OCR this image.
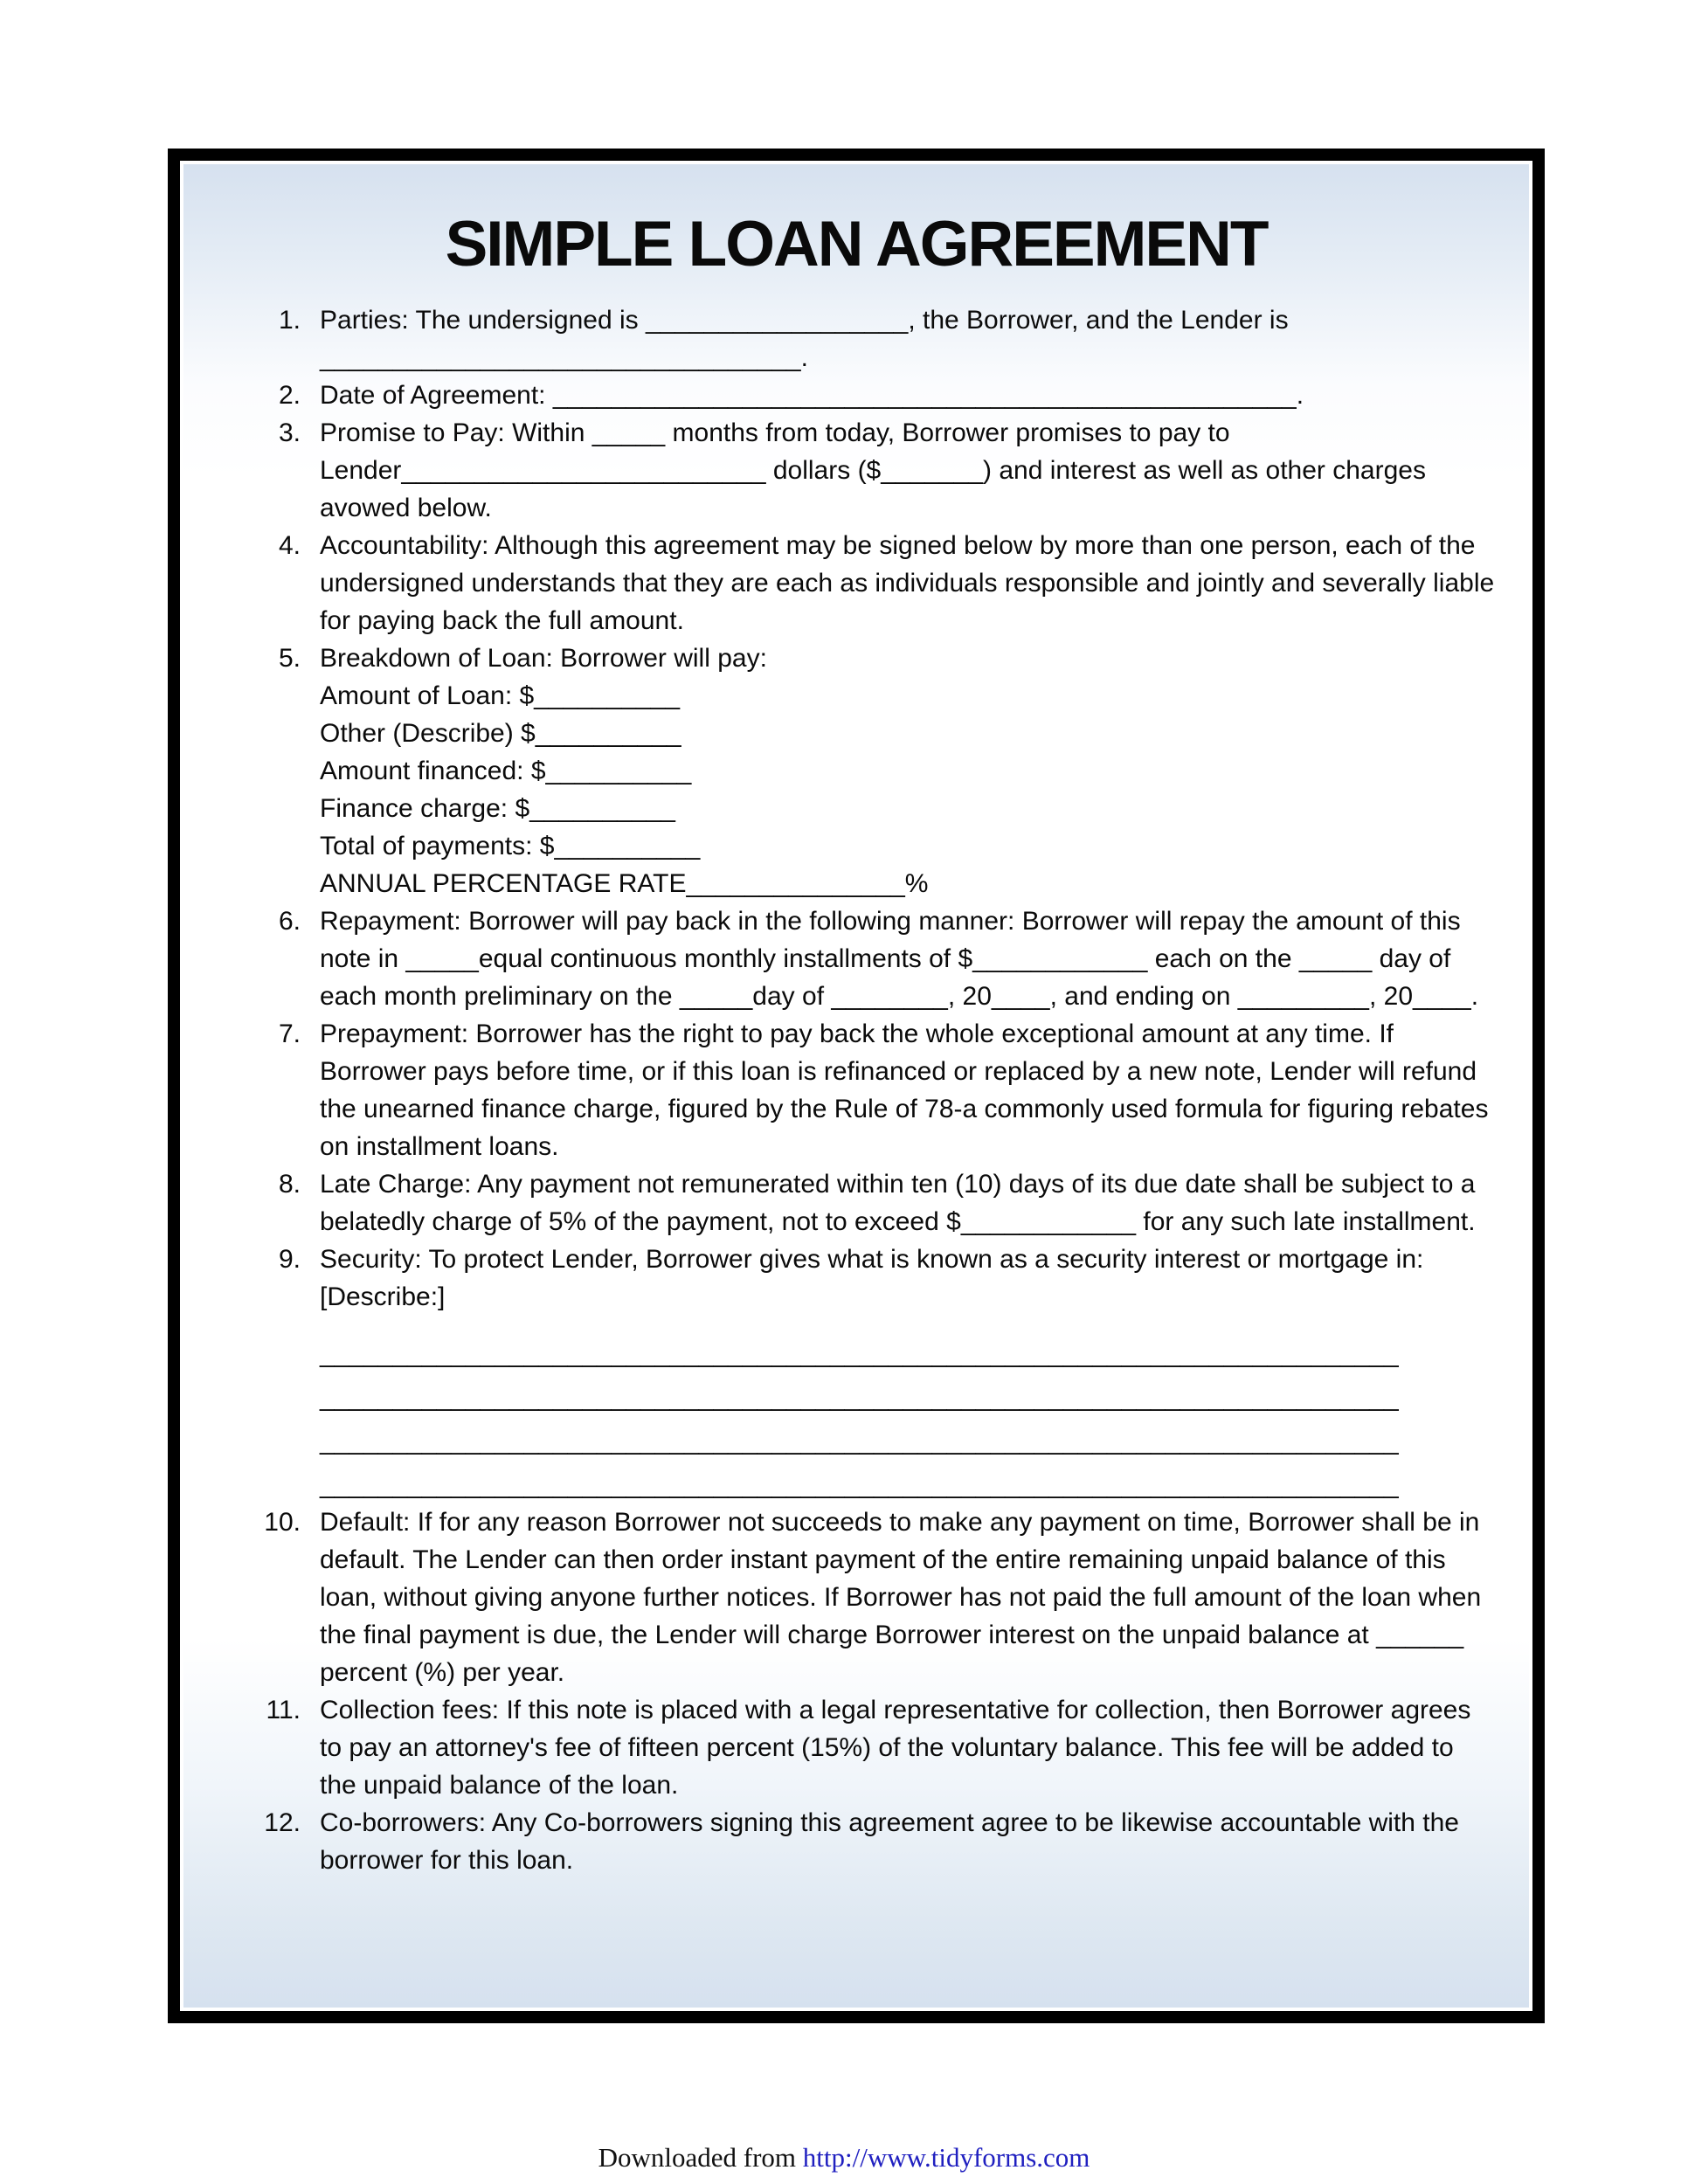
SIMPLE LOAN AGREEMENT
1. Parties: The undersigned is __________________, the Borrower, and the Lender is _________________________________.
2. Date of Agreement: ___________________________________________________.
3. Promise to Pay: Within _____ months from today, Borrower promises to pay to Lender_________________________ dollars ($_______) and interest as well as other charges avowed below.
4. Accountability: Although this agreement may be signed below by more than one person, each of the undersigned understands that they are each as individuals responsible and jointly and severally liable for paying back the full amount.
5. Breakdown of Loan: Borrower will pay:
Amount of Loan: $__________
Other (Describe) $__________
Amount financed: $__________
Finance charge: $__________
Total of payments: $__________
ANNUAL PERCENTAGE RATE_______________%
6. Repayment: Borrower will pay back in the following manner: Borrower will repay the amount of this note in _____equal continuous monthly installments of $____________ each on the _____ day of each month preliminary on the _____day of ________, 20____, and ending on _________, 20____.
7. Prepayment: Borrower has the right to pay back the whole exceptional amount at any time. If Borrower pays before time, or if this loan is refinanced or replaced by a new note, Lender will refund the unearned finance charge, figured by the Rule of 78-a commonly used formula for figuring rebates on installment loans.
8. Late Charge: Any payment not remunerated within ten (10) days of its due date shall be subject to a belatedly charge of 5% of the payment, not to exceed $____________ for any such late installment.
9. Security: To protect Lender, Borrower gives what is known as a security interest or mortgage in:
[Describe:]
__________________________________________________________________________
__________________________________________________________________________
__________________________________________________________________________
__________________________________________________________________________
10. Default: If for any reason Borrower not succeeds to make any payment on time, Borrower shall be in default. The Lender can then order instant payment of the entire remaining unpaid balance of this loan, without giving anyone further notices. If Borrower has not paid the full amount of the loan when the final payment is due, the Lender will charge Borrower interest on the unpaid balance at ______ percent (%) per year.
11. Collection fees: If this note is placed with a legal representative for collection, then Borrower agrees to pay an attorney's fee of fifteen percent (15%) of the voluntary balance. This fee will be added to the unpaid balance of the loan.
12. Co-borrowers: Any Co-borrowers signing this agreement agree to be likewise accountable with the borrower for this loan.
Downloaded from http://www.tidyforms.com
